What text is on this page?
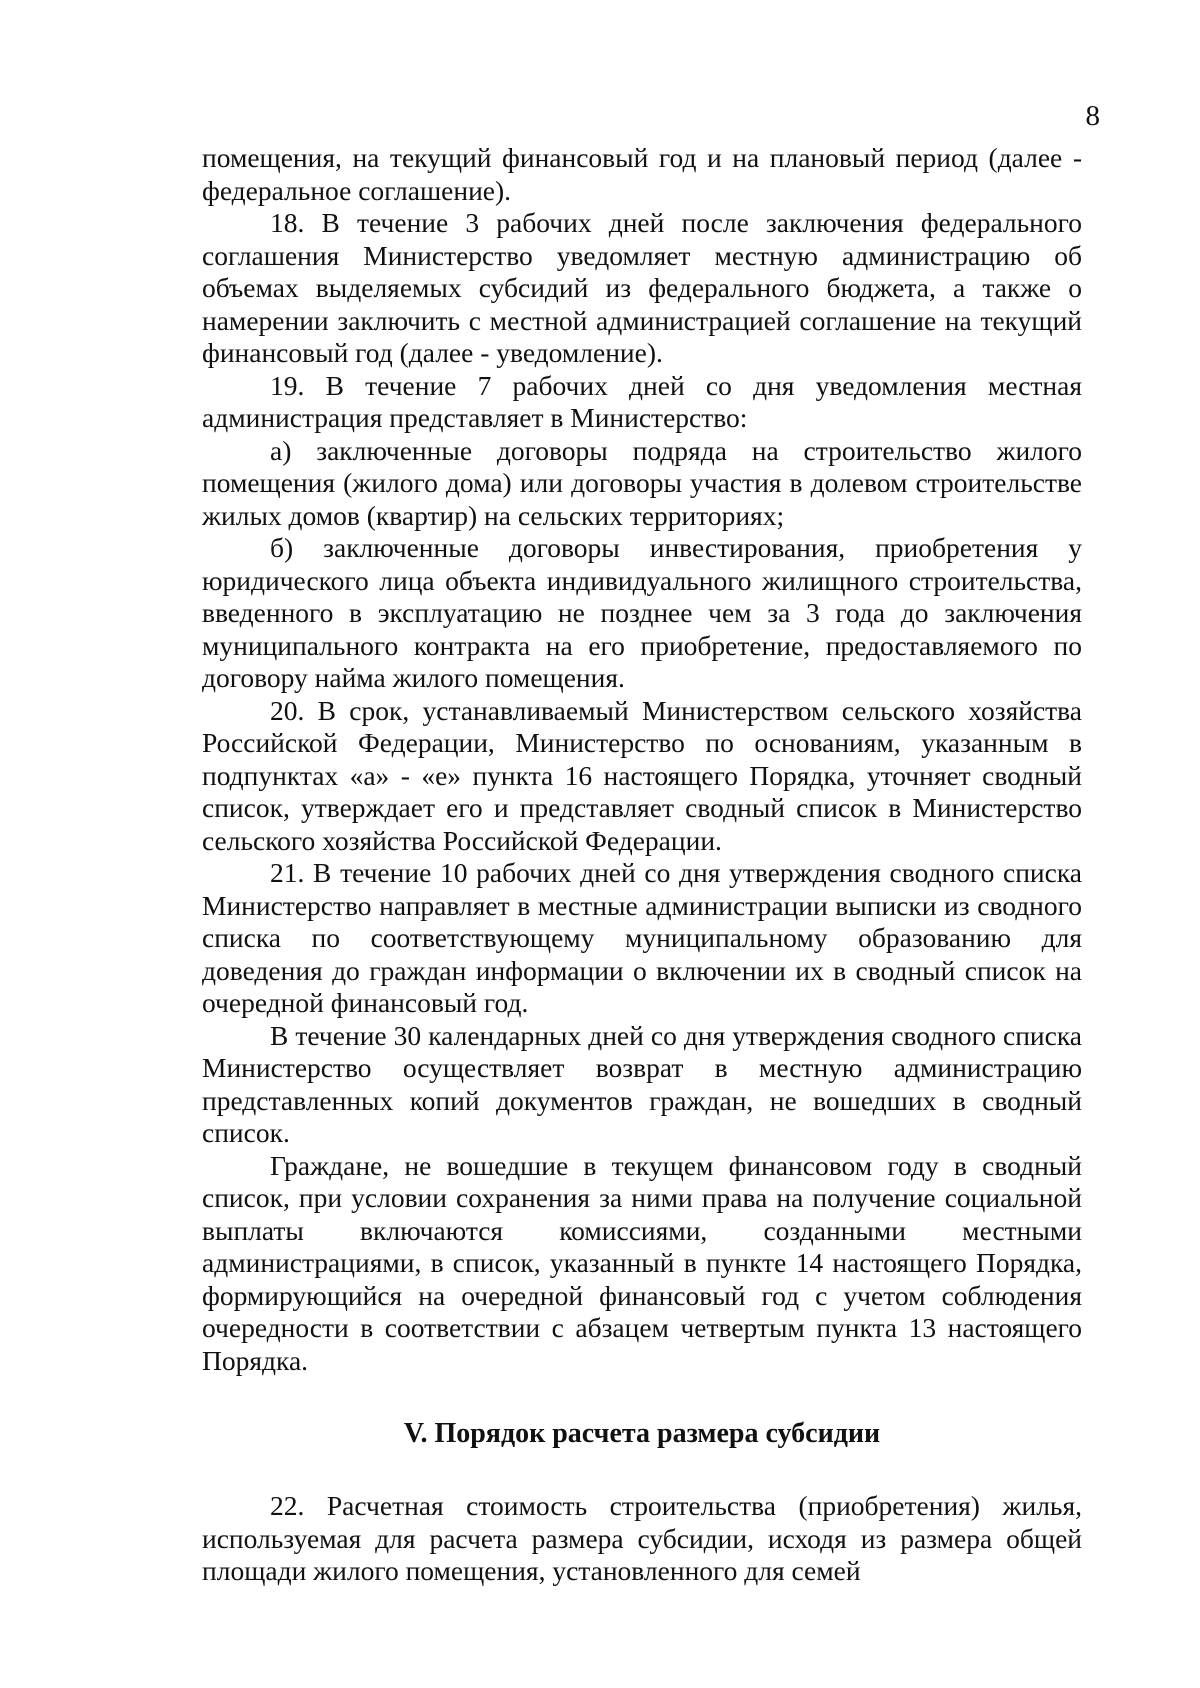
8

помещения, на текущий финансовый год и на плановый период (далее - федеральное соглашение).

18. В течение 3 рабочих дней после заключения федерального соглашения Министерство уведомляет местную администрацию об объемах выделяемых субсидий из федерального бюджета, а также о намерении заключить с местной администрацией соглашение на текущий финансовый год (далее - уведомление).

19. В течение 7 рабочих дней со дня уведомления местная администрация представляет в Министерство:

а) заключенные договоры подряда на строительство жилого помещения (жилого дома) или договоры участия в долевом строительстве жилых домов (квартир) на сельских территориях;

б) заключенные договоры инвестирования, приобретения у юридического лица объекта индивидуального жилищного строительства, введенного в эксплуатацию не позднее чем за 3 года до заключения муниципального контракта на его приобретение, предоставляемого по договору найма жилого помещения.

20. В срок, устанавливаемый Министерством сельского хозяйства Российской Федерации, Министерство по основаниям, указанным в подпунктах «а» - «е» пункта 16 настоящего Порядка, уточняет сводный список, утверждает его и представляет сводный список в Министерство сельского хозяйства Российской Федерации.

21. В течение 10 рабочих дней со дня утверждения сводного списка Министерство направляет в местные администрации выписки из сводного списка по соответствующему муниципальному образованию для доведения до граждан информации о включении их в сводный список на очередной финансовый год.

В течение 30 календарных дней со дня утверждения сводного списка Министерство осуществляет возврат в местную администрацию представленных копий документов граждан, не вошедших в сводный список.

Граждане, не вошедшие в текущем финансовом году в сводный список, при условии сохранения за ними права на получение социальной выплаты включаются комиссиями, созданными местными администрациями, в список, указанный в пункте 14 настоящего Порядка, формирующийся на очередной финансовый год с учетом соблюдения очередности в соответствии с абзацем четвертым пункта 13 настоящего Порядка.

V. Порядок расчета размера субсидии

22. Расчетная стоимость строительства (приобретения) жилья, используемая для расчета размера субсидии, исходя из размера общей площади жилого помещения, установленного для семей
